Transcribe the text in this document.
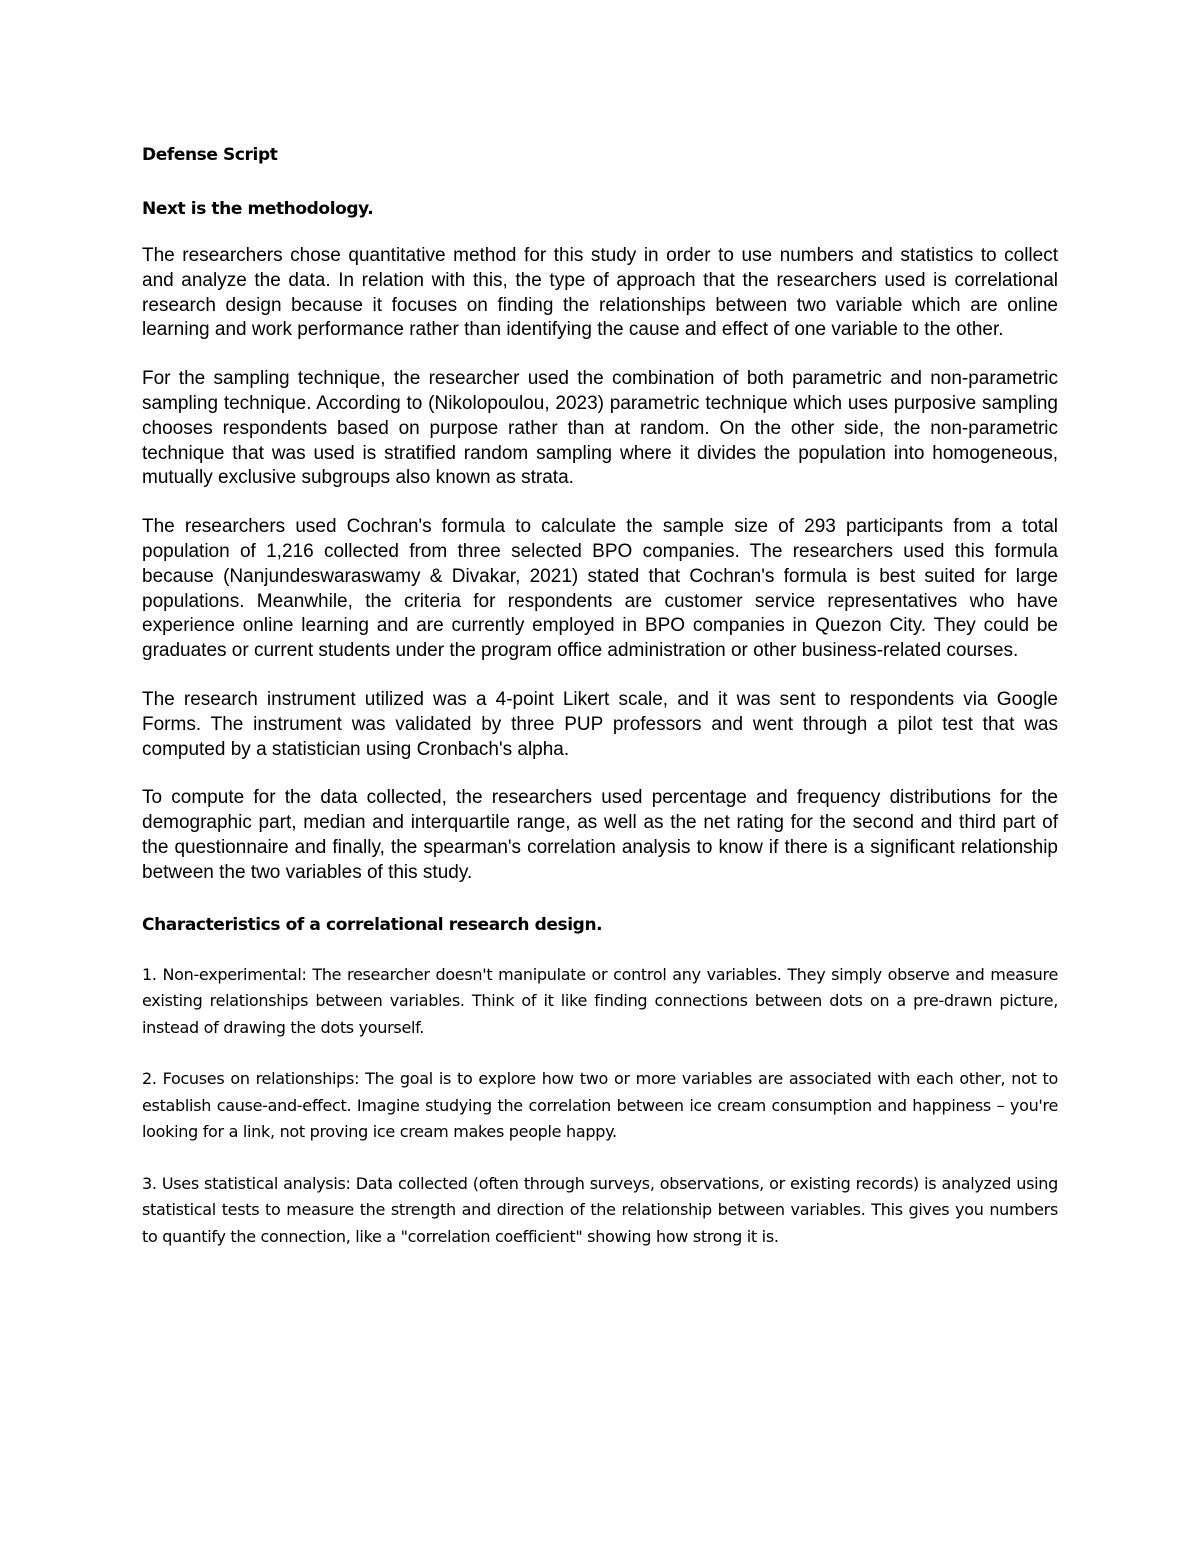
Defense Script

Next is the methodology.

The researchers chose quantitative method for this study in order to use numbers and statistics to collect and analyze the data. In relation with this, the type of approach that the researchers used is correlational research design because it focuses on finding the relationships between two variable which are online learning and work performance rather than identifying the cause and effect of one variable to the other.

For the sampling technique, the researcher used the combination of both parametric and non-parametric sampling technique. According to (Nikolopoulou, 2023) parametric technique which uses purposive sampling chooses respondents based on purpose rather than at random. On the other side, the non-parametric technique that was used is stratified random sampling where it divides the population into homogeneous, mutually exclusive subgroups also known as strata.

The researchers used Cochran's formula to calculate the sample size of 293 participants from a total population of 1,216 collected from three selected BPO companies. The researchers used this formula because (Nanjundeswaraswamy & Divakar, 2021) stated that Cochran's formula is best suited for large populations. Meanwhile, the criteria for respondents are customer service representatives who have experience online learning and are currently employed in BPO companies in Quezon City. They could be graduates or current students under the program office administration or other business-related courses.

The research instrument utilized was a 4-point Likert scale, and it was sent to respondents via Google Forms. The instrument was validated by three PUP professors and went through a pilot test that was computed by a statistician using Cronbach's alpha.

To compute for the data collected, the researchers used percentage and frequency distributions for the demographic part, median and interquartile range, as well as the net rating for the second and third part of the questionnaire and finally, the spearman's correlation analysis to know if there is a significant relationship between the two variables of this study.

Characteristics of a correlational research design.

1. Non-experimental: The researcher doesn't manipulate or control any variables. They simply observe and measure existing relationships between variables. Think of it like finding connections between dots on a pre-drawn picture, instead of drawing the dots yourself.

2. Focuses on relationships: The goal is to explore how two or more variables are associated with each other, not to establish cause-and-effect. Imagine studying the correlation between ice cream consumption and happiness – you're looking for a link, not proving ice cream makes people happy.

3. Uses statistical analysis: Data collected (often through surveys, observations, or existing records) is analyzed using statistical tests to measure the strength and direction of the relationship between variables. This gives you numbers to quantify the connection, like a "correlation coefficient" showing how strong it is.
